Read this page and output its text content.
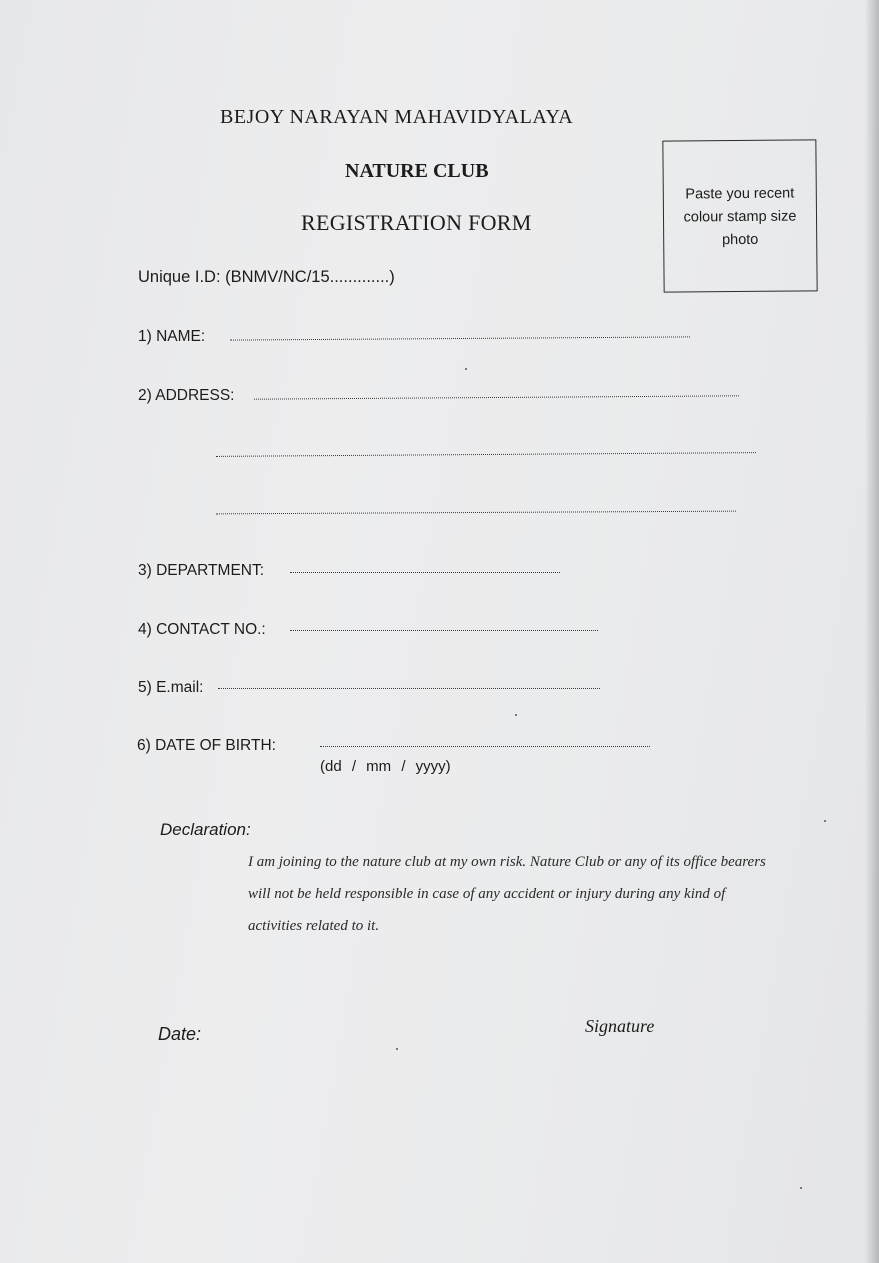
BEJOY NARAYAN MAHAVIDYALAYA
NATURE CLUB
REGISTRATION FORM
Paste you recent
colour stamp size
photo
Unique I.D: (BNMV/NC/15.............)
1) NAME:
2) ADDRESS:
3) DEPARTMENT:
4) CONTACT NO.:
5) E.mail:
6) DATE OF BIRTH:
(dd / mm / yyyy)
Declaration:
I am joining to the nature club at my own risk. Nature Club or any of its office bearers will not be held responsible in case of any accident or injury during any kind of activities related to it.
Date:	Signature
